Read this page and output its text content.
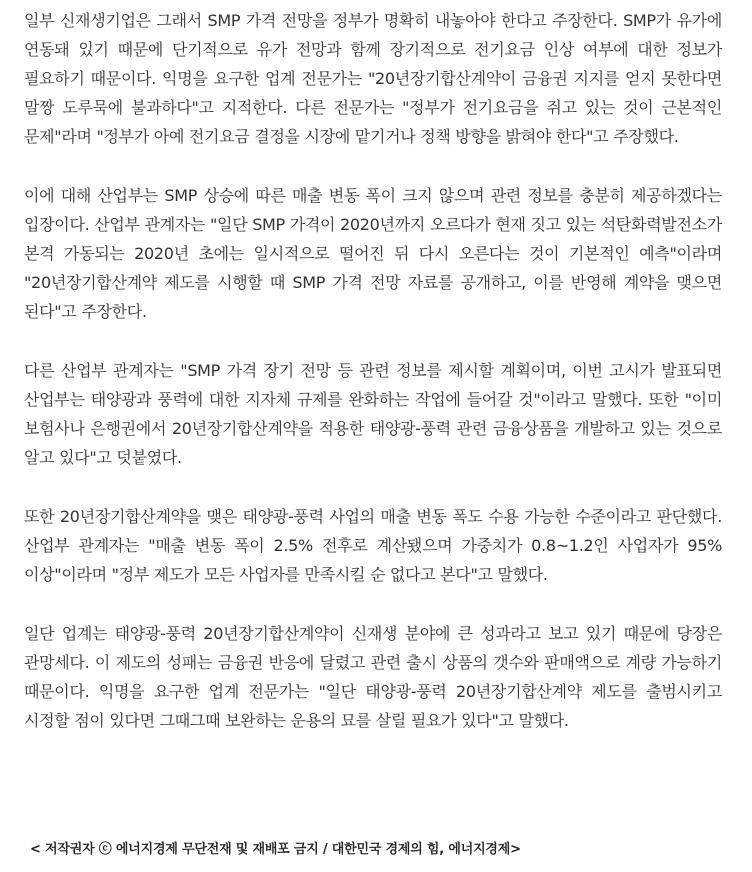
일부 신재생기업은 그래서 SMP 가격 전망을 정부가 명확히 내놓아야 한다고 주장한다. SMP가 유가에 연동돼 있기 때문에 단기적으로 유가 전망과 함께 장기적으로 전기요금 인상 여부에 대한 정보가 필요하기 때문이다. 익명을 요구한 업계 전문가는 "20년장기합산계약이 금융권 지지를 얻지 못한다면 말짱 도루묵에 불과하다"고 지적한다. 다른 전문가는 "정부가 전기요금을 쥐고 있는 것이 근본적인 문제"라며 "정부가 아예 전기요금 결정을 시장에 맡기거나 정책 방향을 밝혀야 한다"고 주장했다.

이에 대해 산업부는 SMP 상승에 따른 매출 변동 폭이 크지 않으며 관련 정보를 충분히 제공하겠다는 입장이다. 산업부 관계자는 "일단 SMP 가격이 2020년까지 오르다가 현재 짓고 있는 석탄화력발전소가 본격 가동되는 2020년 초에는 일시적으로 떨어진 뒤 다시 오른다는 것이 기본적인 예측"이라며 "20년장기합산계약 제도를 시행할 때 SMP 가격 전망 자료를 공개하고, 이를 반영해 계약을 맺으면 된다"고 주장한다.

다른 산업부 관계자는 "SMP 가격 장기 전망 등 관련 정보를 제시할 계획이며, 이번 고시가 발표되면 산업부는 태양광과 풍력에 대한 지자체 규제를 완화하는 작업에 들어갈 것"이라고 말했다. 또한 "이미 보험사나 은행권에서 20년장기합산계약을 적용한 태양광-풍력 관련 금융상품을 개발하고 있는 것으로 알고 있다"고 덧붙였다.

또한 20년장기합산계약을 맺은 태양광-풍력 사업의 매출 변동 폭도 수용 가능한 수준이라고 판단했다. 산업부 관계자는 "매출 변동 폭이 2.5% 전후로 계산됐으며 가중치가 0.8~1.2인 사업자가 95% 이상"이라며 "정부 제도가 모든 사업자를 만족시킬 순 없다고 본다"고 말했다.

일단 업계는 태양광-풍력 20년장기합산계약이 신재생 분야에 큰 성과라고 보고 있기 때문에 당장은 관망세다. 이 제도의 성패는 금융권 반응에 달렸고 관련 출시 상품의 갯수와 판매액으로 계량 가능하기 때문이다. 익명을 요구한 업계 전문가는 "일단 태양광-풍력 20년장기합산계약 제도를 출범시키고 시정할 점이 있다면 그때그때 보완하는 운용의 묘를 살릴 필요가 있다"고 말했다.

< 저작권자 ⓒ 에너지경제 무단전재 및 재배포 금지 / 대한민국 경제의 힘, 에너지경제>
